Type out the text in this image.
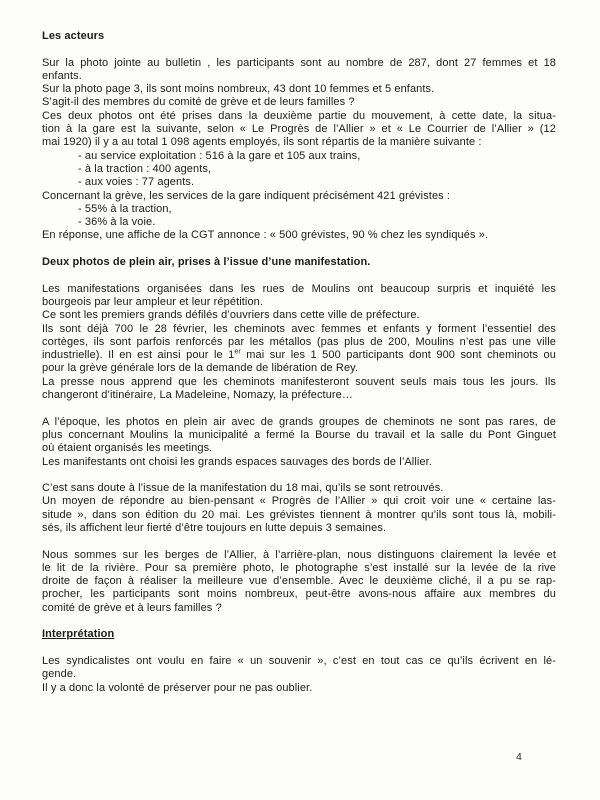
Les acteurs
Sur la photo jointe au bulletin , les participants sont au nombre de 287, dont 27 femmes et 18
enfants.
Sur la photo page 3, ils sont moins nombreux, 43 dont 10 femmes et 5 enfants.
S’agit-il des membres du comité de grève et de leurs familles ?
Ces deux photos ont été prises dans la deuxième partie du mouvement, à cette date, la situa-
tion à la gare est la suivante, selon « Le Progrès de l’Allier » et « Le Courrier de l’Allier » (12
mai 1920) il y a au total 1 098 agents employés, ils sont répartis de la manière suivante :
- au service exploitation : 516 à la gare et 105 aux trains,
- à la traction : 400 agents,
- aux voies : 77 agents.
Concernant la grève, les services de la gare indiquent précisément 421 grévistes :
- 55% à la traction,
- 36% à la voie.
En réponse, une affiche de la CGT annonce : « 500 grévistes, 90 % chez les syndiqués ».
Deux photos de plein air, prises à l’issue d’une manifestation.
Les manifestations organisées dans les rues de Moulins ont beaucoup surpris et inquiété les
bourgeois par leur ampleur et leur répétition.
Ce sont les premiers grands défilés d’ouvriers dans cette ville de préfecture.
Ils sont déjà 700 le 28 février, les cheminots avec femmes et enfants y forment l’essentiel des
cortèges, ils sont parfois renforcés par les métallos (pas plus de 200, Moulins n’est pas une ville
industrielle). Il en est ainsi pour le 1er mai sur les 1 500 participants dont 900 sont cheminots ou
pour la grève générale lors de la demande de libération de Rey.
La presse nous apprend que les cheminots manifesteront souvent seuls mais tous les jours. Ils
changeront d’itinéraire, La Madeleine, Nomazy, la préfecture…
A l’époque, les photos en plein air avec de grands groupes de cheminots ne sont pas rares, de
plus concernant Moulins la municipalité a fermé la Bourse du travail et la salle du Pont Ginguet
où étaient organisés les meetings.
Les manifestants ont choisi les grands espaces sauvages des bords de l’Allier.
C’est sans doute à l’issue de la manifestation du 18 mai, qu’ils se sont retrouvés.
Un moyen de répondre au bien-pensant « Progrès de l’Allier » qui croit voir une « certaine las-
situde », dans son édition du 20 mai. Les grévistes tiennent à montrer qu’ils sont tous là, mobili-
sés, ils affichent leur fierté d’être toujours en lutte depuis 3 semaines.
Nous sommes sur les berges de l’Allier, à l’arrière-plan, nous distinguons clairement la levée et
le lit de la rivière. Pour sa première photo, le photographe s’est installé sur la levée de la rive
droite de façon à réaliser la meilleure vue d’ensemble. Avec le deuxième cliché, il a pu se rap-
procher, les participants sont moins nombreux, peut-être avons-nous affaire aux membres du
comité de grève et à leurs familles ?
Interprétation
Les syndicalistes ont voulu en faire « un souvenir », c’est en tout cas ce qu’ils écrivent en lé-
gende.
Il y a donc la volonté de préserver pour ne pas oublier.
4
